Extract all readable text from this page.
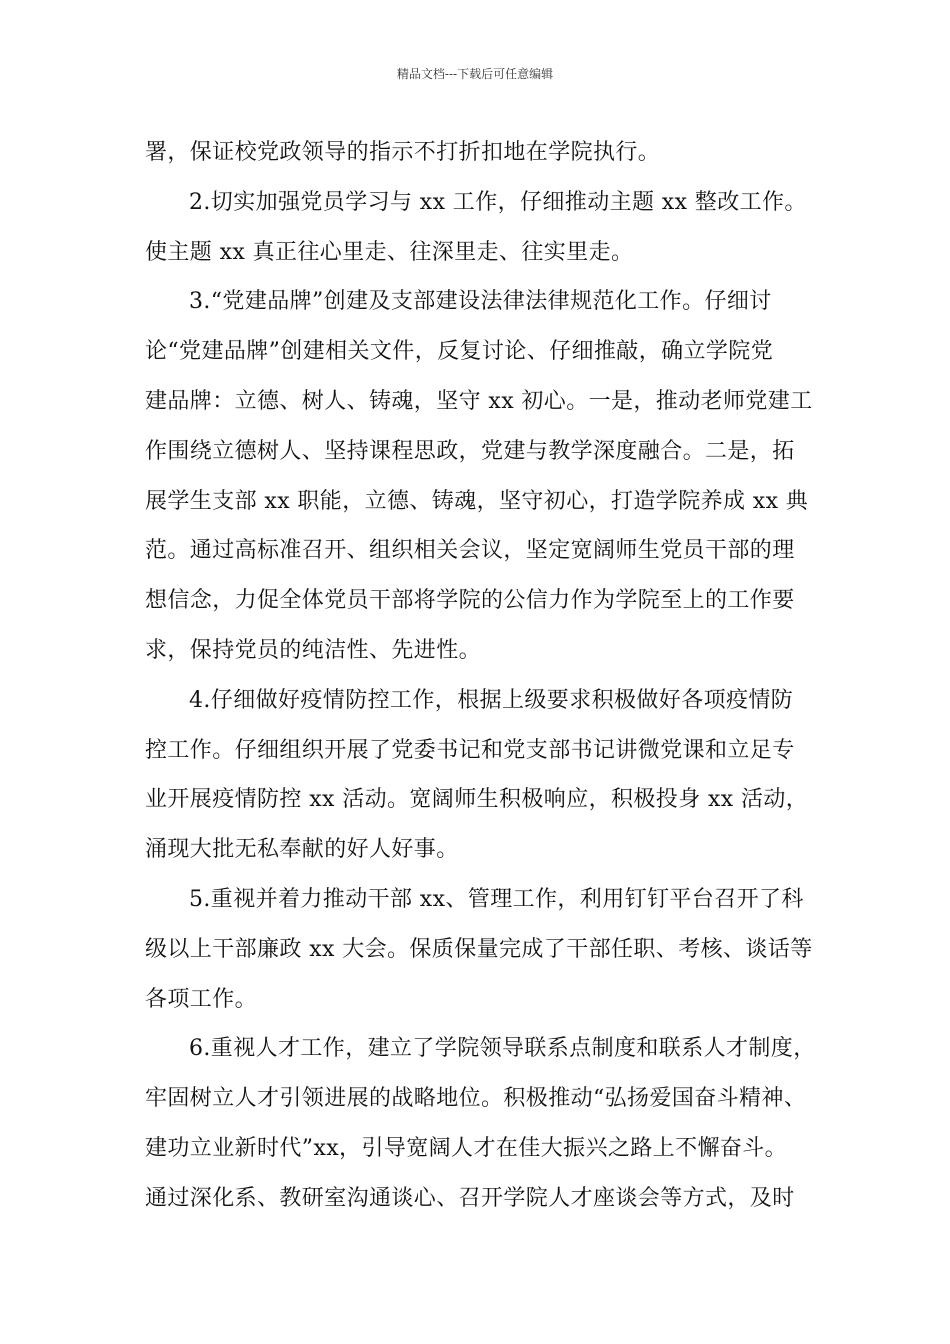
精品文档---下载后可任意编辑
署，保证校党政领导的指示不打折扣地在学院执行。
2.切实加强党员学习与 xx 工作，仔细推动主题 xx 整改工作。
使主题 xx 真正往心里走、往深里走、往实里走。
3.“党建品牌”创建及支部建设法律法律规范化工作。仔细讨
论“党建品牌”创建相关文件，反复讨论、仔细推敲，确立学院党
建品牌：立德、树人、铸魂，坚守 xx 初心。一是，推动老师党建工
作围绕立德树人、坚持课程思政，党建与教学深度融合。二是，拓
展学生支部 xx 职能，立德、铸魂，坚守初心，打造学院养成 xx 典
范。通过高标准召开、组织相关会议，坚定宽阔师生党员干部的理
想信念，力促全体党员干部将学院的公信力作为学院至上的工作要
求，保持党员的纯洁性、先进性。
4.仔细做好疫情防控工作，根据上级要求积极做好各项疫情防
控工作。仔细组织开展了党委书记和党支部书记讲微党课和立足专
业开展疫情防控 xx 活动。宽阔师生积极响应，积极投身 xx 活动，
涌现大批无私奉献的好人好事。
5.重视并着力推动干部 xx、管理工作，利用钉钉平台召开了科
级以上干部廉政 xx 大会。保质保量完成了干部任职、考核、谈话等
各项工作。
6.重视人才工作，建立了学院领导联系点制度和联系人才制度，
牢固树立人才引领进展的战略地位。积极推动“弘扬爱国奋斗精神、
建功立业新时代”xx，引导宽阔人才在佳大振兴之路上不懈奋斗。
通过深化系、教研室沟通谈心、召开学院人才座谈会等方式，及时
